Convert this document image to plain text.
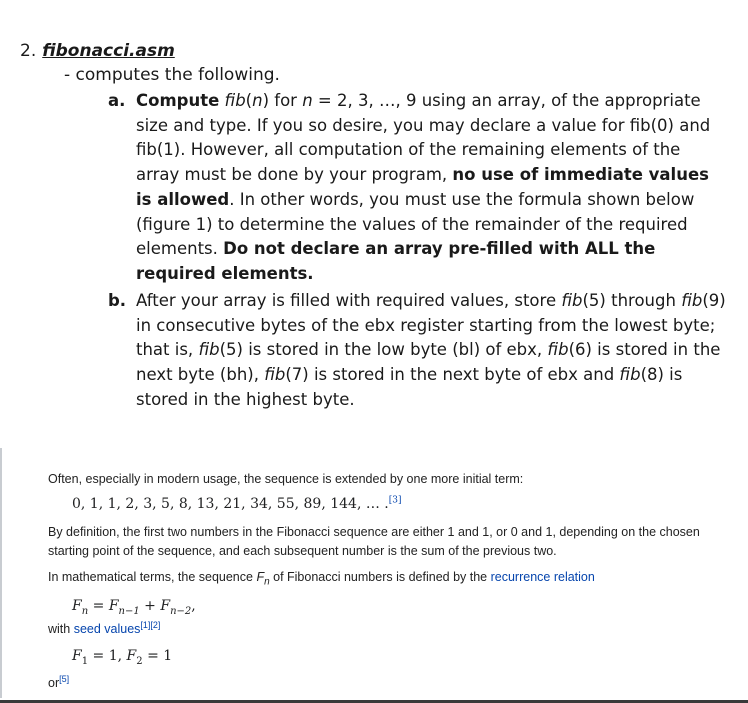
2. fibonacci.asm
- computes the following.
a. Compute fib(n) for n = 2, 3, …, 9 using an array, of the appropriate size and type. If you so desire, you may declare a value for fib(0) and fib(1). However, all computation of the remaining elements of the array must be done by your program, no use of immediate values is allowed. In other words, you must use the formula shown below (figure 1) to determine the values of the remainder of the required elements. Do not declare an array pre-filled with ALL the required elements.
b. After your array is filled with required values, store fib(5) through fib(9) in consecutive bytes of the ebx register starting from the lowest byte; that is, fib(5) is stored in the low byte (bl) of ebx, fib(6) is stored in the next byte (bh), fib(7) is stored in the next byte of ebx and fib(8) is stored in the highest byte.
Often, especially in modern usage, the sequence is extended by one more initial term:
0, 1, 1, 2, 3, 5, 8, 13, 21, 34, 55, 89, 144, … .[3]
By definition, the first two numbers in the Fibonacci sequence are either 1 and 1, or 0 and 1, depending on the chosen
starting point of the sequence, and each subsequent number is the sum of the previous two.
In mathematical terms, the sequence $F_n$ of Fibonacci numbers is defined by the recurrence relation
$F_n = F_{n-1} + F_{n-2}$,
with seed values[1][2]
$F_1 = 1$, $F_2 = 1$
or[5]
